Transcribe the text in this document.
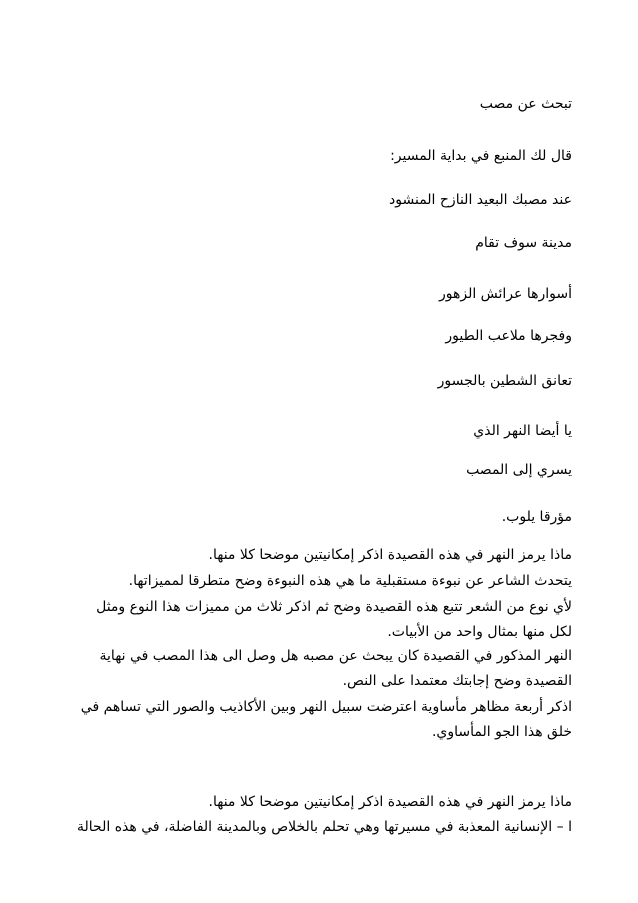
تبحث عن مصب
قال لك المنبع في بداية المسير:
عند مصبك البعيد النازح المنشود
مدينة سوف تقام
أسوارها عرائش الزهور
وفجرها ملاعب الطيور
تعانق الشطين بالجسور
يا أيضا النهر الذي
يسري إلى المصب
مؤرقا يلوب.
ماذا يرمز النهر في هذه القصيدة اذكر إمكانيتين موضحا كلا منها.
يتحدث الشاعر عن نبوءة مستقبلية ما هي هذه النبوءة وضح متطرقا لمميزاتها.
لأي نوع من الشعر تتبع هذه القصيدة وضح ثم اذكر ثلاث من مميزات هذا النوع ومثل
لكل منها بمثال واحد من الأبيات.
النهر المذكور في القصيدة كان يبحث عن مصبه هل وصل الى هذا المصب في نهاية
القصيدة وضح إجابتك معتمدا على النص.
اذكر أربعة مظاهر مأساوية اعترضت سبيل النهر وبين الأكاذيب والصور التي تساهم في
خلق هذا الجو المأساوي.
ماذا يرمز النهر في هذه القصيدة اذكر إمكانيتين موضحا كلا منها.
ا – الإنسانية المعذبة في مسيرتها وهي تحلم بالخلاص وبالمدينة الفاضلة، في هذه الحالة
